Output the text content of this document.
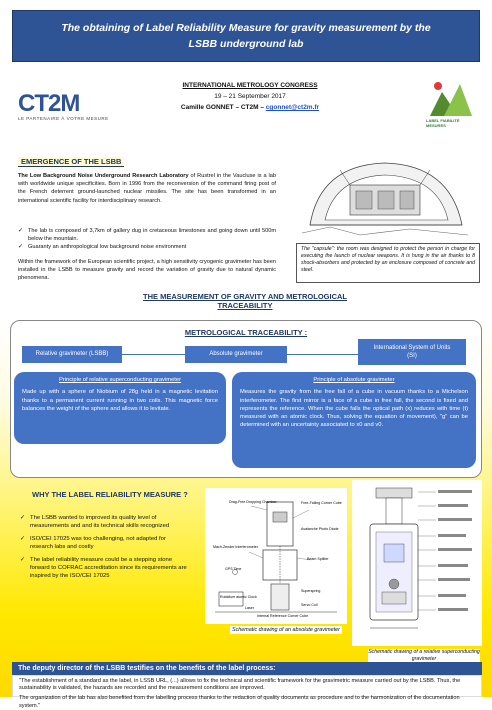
The obtaining of Label Reliability Measure for gravity measurement by the
LSBB underground lab
CT2M
LE PARTENAIRE À VOTRE MESURE
INTERNATIONAL METROLOGY CONGRESS
19 – 21 September 2017
Camille GONNET – CT2M – cgonnet@ct2m.fr
LABEL FIABILITÉ MESURES
EMERGENCE OF THE LSBB
The Low Background Noise Underground Research Laboratory of Rustrel in the Vaucluse is a lab with worldwide unique specificities. Born in 1996 from the reconversion of the command firing post of the French deterrent ground-launched nuclear missiles. The site has been transformed in an international scientific facility for interdisciplinary research.
✓ The lab is composed of 3,7km of gallery dug in cretaceous limestones and going down until 500m below the mountain.
✓ Guaranty an anthropological low background noise environment
Within the framework of the European scientific project, a high sensitivity cryogenic gravimeter has been installed in the LSBB to measure gravity and record the variation of gravity due to natural dynamic phenomena.
The "capsule": the room was designed to protect the person in charge for executing the launch of nuclear weapons. It is hung in the air thanks to 8 shock-absorbers and protected by an enclosure composed of concrete and steel.
THE MEASUREMENT OF GRAVITY AND METROLOGICAL TRACEABILITY
METROLOGICAL TRACEABILITY :
Relative gravimeter (LSBB)	Absolute gravimeter
International System of Units
(SI)
Principle of relative superconducting gravimeter
Made up with a sphere of Niobium of 28g held in a magnetic levitation thanks to a permanent current running in two coils. This magnetic force balances the weight of the sphere and allows it to levitate.
Principle of absolute gravimeter
Measures the gravity from the free fall of a cube in vacuum thanks to a Michelson interferometer. The first mirror is a face of a cube in free fall, the second is fixed and represents the reference. When the cube falls the optical path (x) reduces with time (t) measured with an atomic clock. Thus, solving the equation of movement), "g" can be determined with an uncertainty associated to x0 and v0.
WHY THE LABEL RELIABILITY MEASURE ?
✓ The LSBB wanted to improved its quality level of measurements and and its technical skills recognized
✓ ISO/CEI 17025 was too challenging, not adapted for research labs and costly
✓ The label reliability measure could be a stepping stone forward to COFRAC accreditation since its requirements are inspired by the ISO/CEI 17025
Drag-Free Dropping Chamber	Free-Falling Corner Cube
Avalanche Photo Diode
Mach-Zender Interferometer
Beam Splitter
Superspring
Rubidium atomic Clock
Internal Reference Corner Cube
Servo Coil
Laser
GPS Time
Schematic drawing of an absolute gravimeter
Schematic drawing of a relative superconducting gravimeter
The deputy director of the LSBB testifies on the benefits of the label process:

"The establishment of a standard as the label, in LSSB URL, (...) allows to fix the technical and scientific framework for the gravimetric measure carried out by the LSBB. Thus, the sustainability is validated, the hazards are recorded and the measurement conditions are improved.

The organization of the lab has also benefited from the labelling process thanks to the redaction of quality documents as procedure and to the harmonization of the documentation system."
